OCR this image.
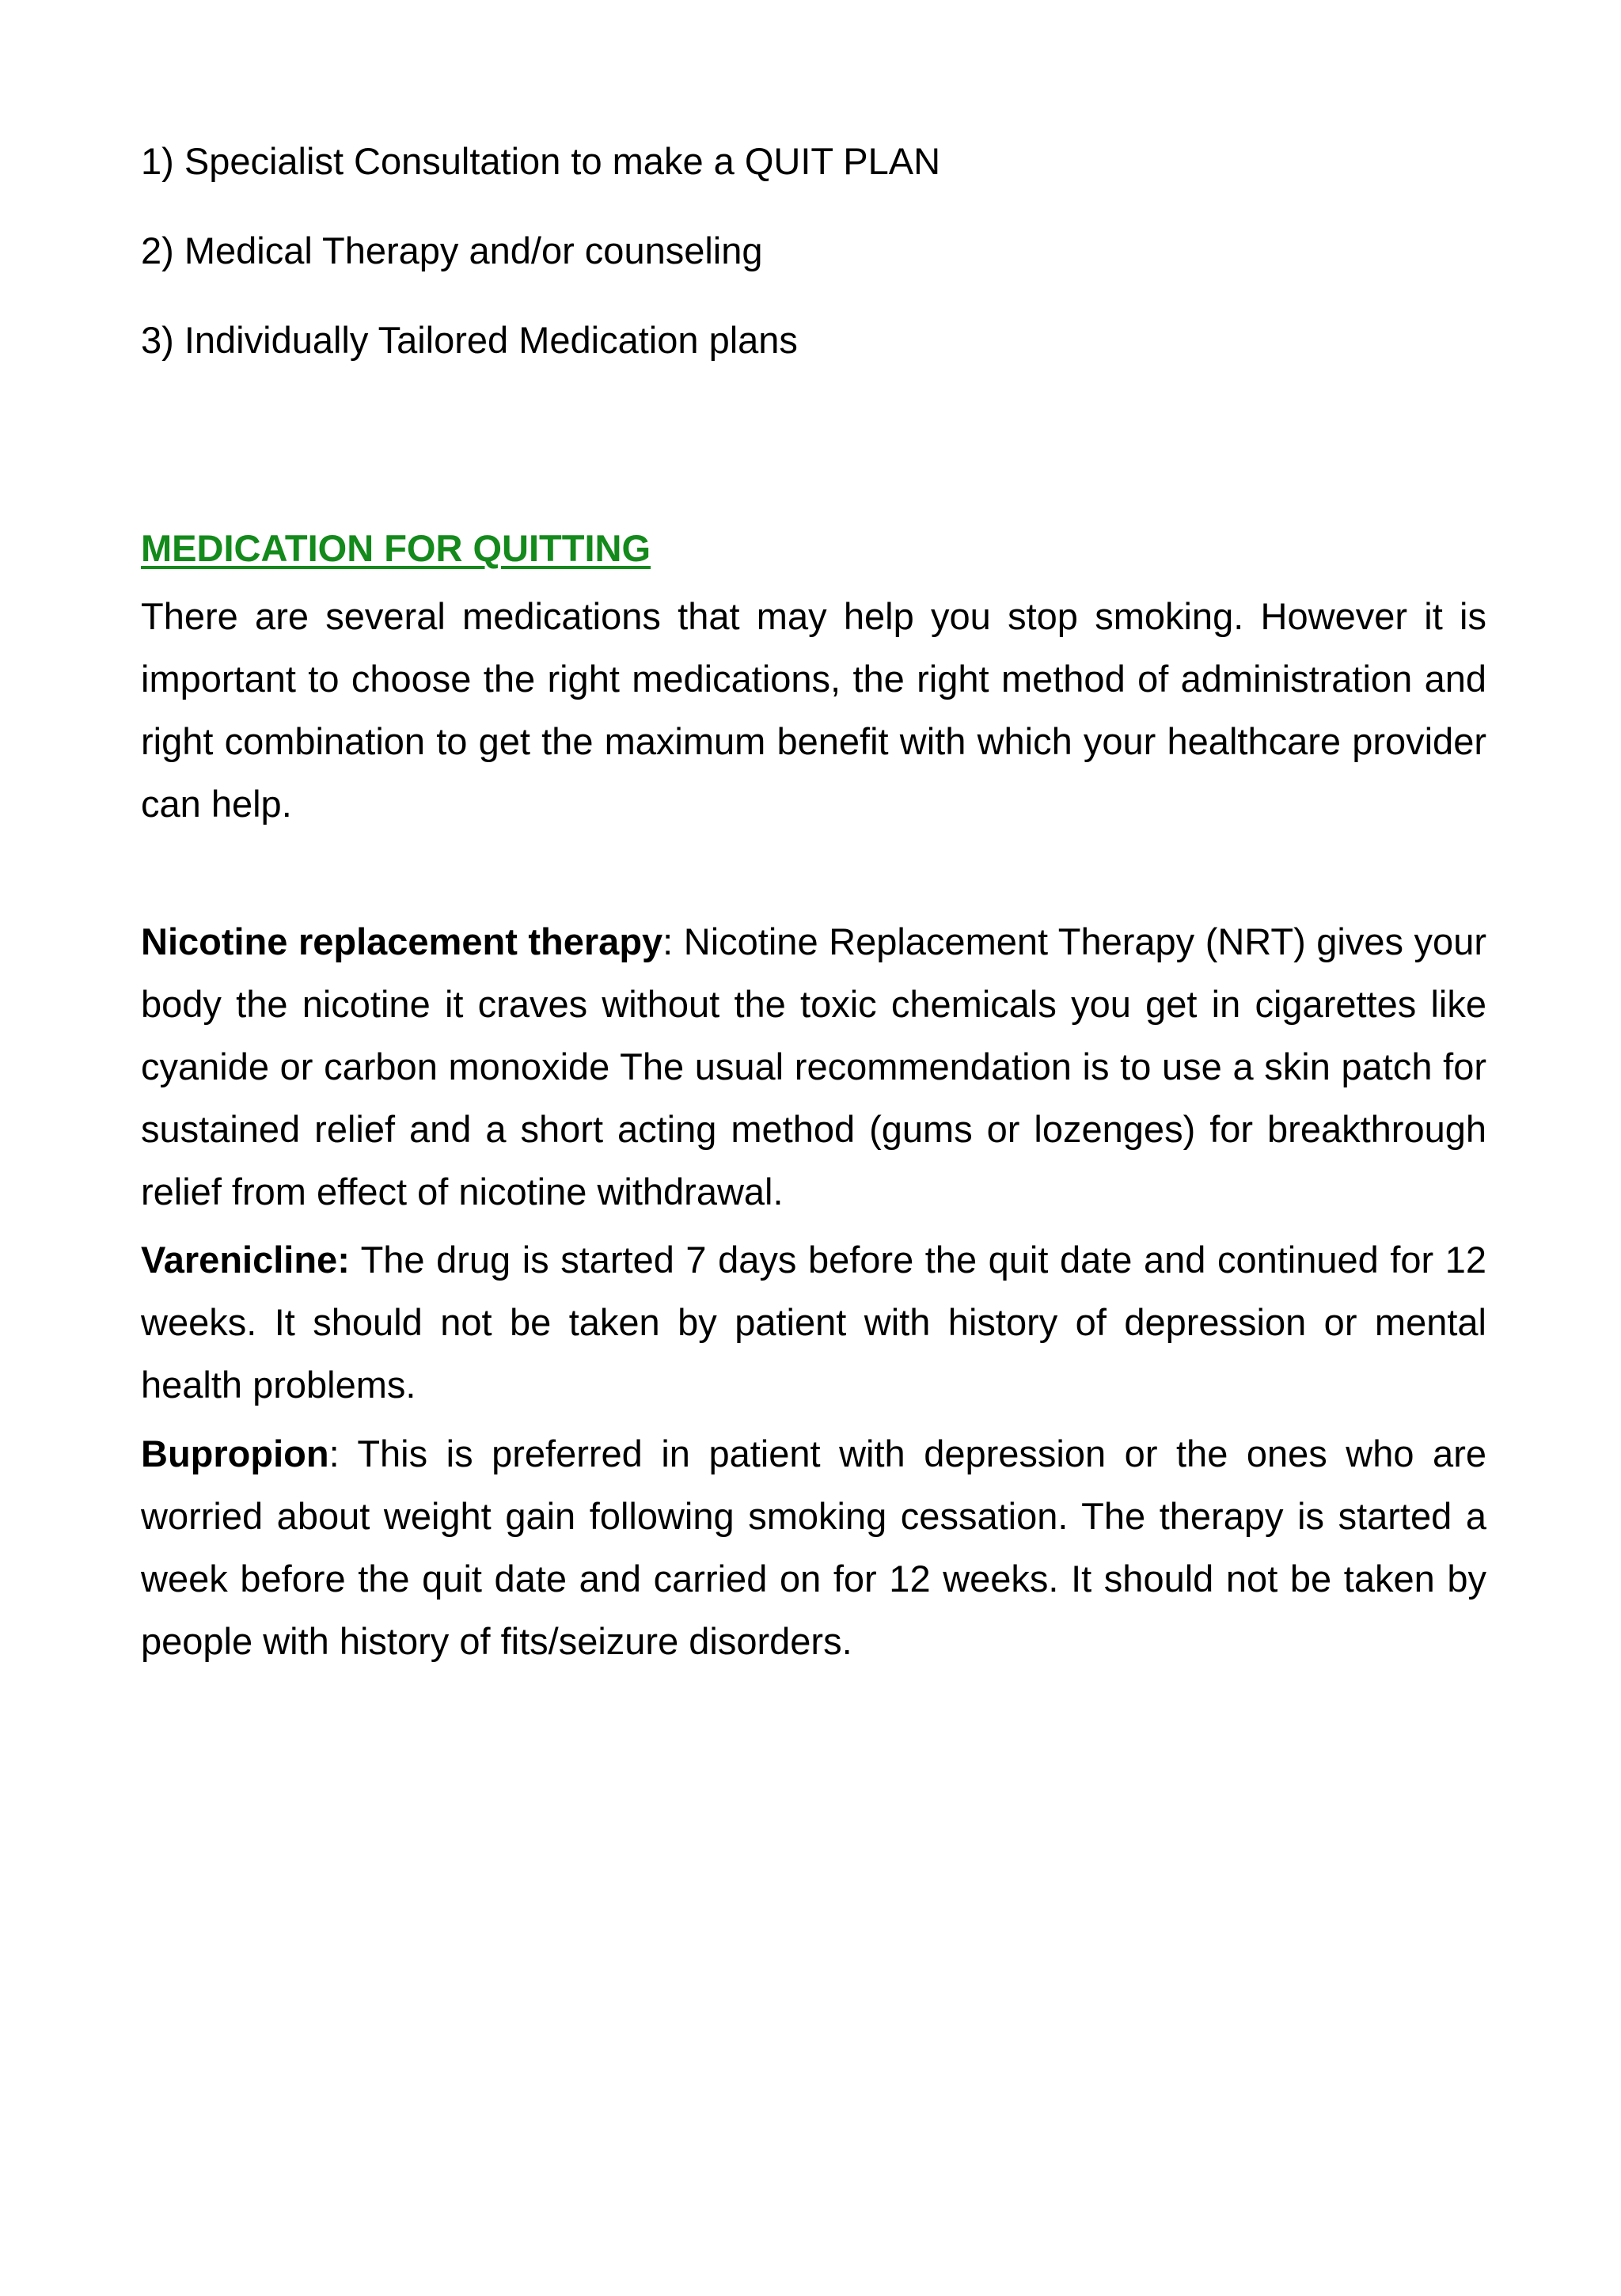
1) Specialist Consultation to make a QUIT PLAN
2) Medical Therapy and/or counseling
3) Individually Tailored Medication plans
MEDICATION FOR QUITTING

There are several medications that may help you stop smoking. However it is important to choose the right medications, the right method of administration and right combination to get the maximum benefit with which your healthcare provider can help.

Nicotine replacement therapy: Nicotine Replacement Therapy (NRT) gives your body the nicotine it craves without the toxic chemicals you get in cigarettes like cyanide or carbon monoxide The usual recommendation is to use a skin patch for sustained relief and a short acting method (gums or lozenges) for breakthrough relief from effect of nicotine withdrawal.

Varenicline: The drug is started 7 days before the quit date and continued for 12 weeks. It should not be taken by patient with history of depression or mental health problems.

Bupropion: This is preferred in patient with depression or the ones who are worried about weight gain following smoking cessation. The therapy is started a week before the quit date and carried on for 12 weeks. It should not be taken by people with history of fits/seizure disorders.
